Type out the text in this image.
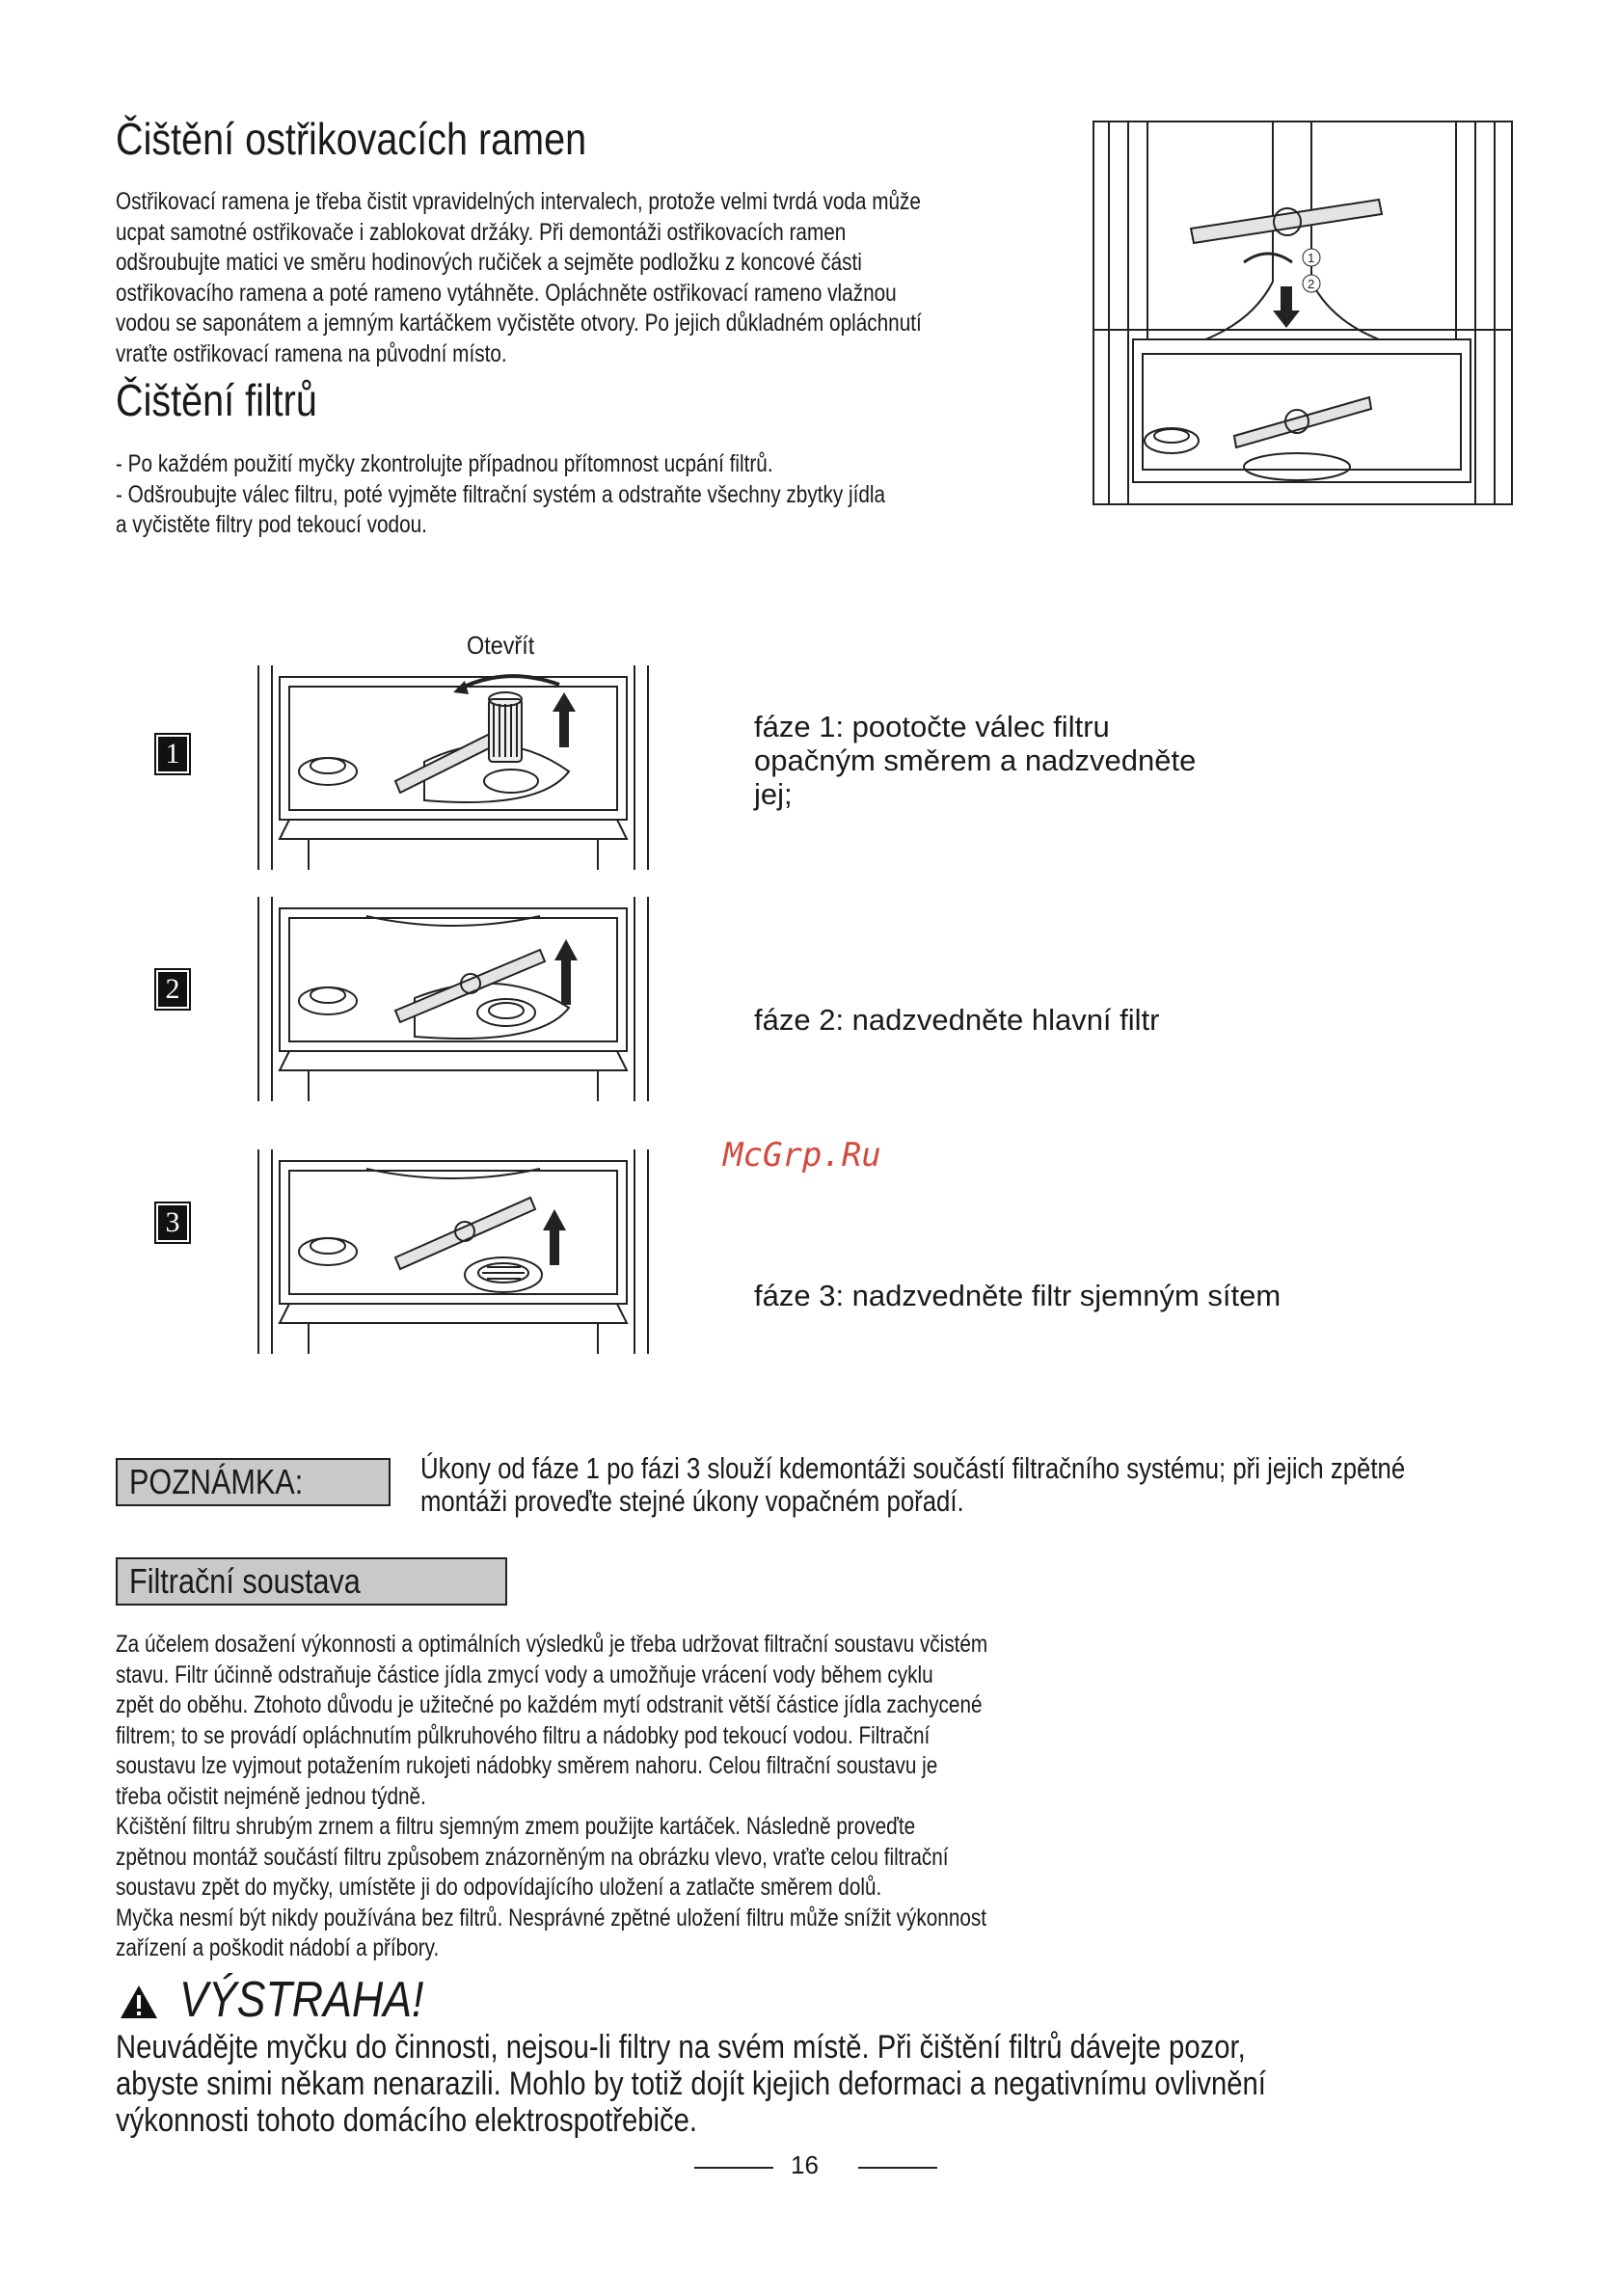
Čištění ostřikovacích ramen
Ostřikovací ramena je třeba čistit vpravidelných intervalech, protože velmi tvrdá voda může
ucpat samotné ostřikovače i zablokovat držáky. Při demontáži ostřikovacích ramen
odšroubujte matici ve směru hodinových ručiček a sejměte podložku z koncové části
ostřikovacího ramena a poté rameno vytáhněte. Opláchněte ostřikovací rameno vlažnou
vodou se saponátem a jemným kartáčkem vyčistěte otvory. Po jejich důkladném opláchnutí
vraťte ostřikovací ramena na původní místo.
Čištění filtrů
- Po každém použití myčky zkontrolujte případnou přítomnost ucpání filtrů.
- Odšroubujte válec filtru, poté vyjměte filtrační systém a odstraňte všechny zbytky jídla
a vyčistěte filtry pod tekoucí vodou.
1
2
Otevřít
1
2
3
fáze 1: pootočte válec filtru
opačným směrem a nadzvedněte
jej;
fáze 2: nadzvedněte hlavní filtr
fáze 3: nadzvedněte filtr sjemným sítem
McGrp.Ru
POZNÁMKA:	Úkony od fáze 1 po fázi 3 slouží kdemontáži součástí filtračního systému; při jejich zpětné
montáži proveďte stejné úkony vopačném pořadí.
Filtrační soustava
Za účelem dosažení výkonnosti a optimálních výsledků je třeba udržovat filtrační soustavu včistém
stavu. Filtr účinně odstraňuje částice jídla zmycí vody a umožňuje vrácení vody během cyklu
zpět do oběhu. Ztohoto důvodu je užitečné po každém mytí odstranit větší částice jídla zachycené
filtrem; to se provádí opláchnutím půlkruhového filtru a nádobky pod tekoucí vodou. Filtrační
soustavu lze vyjmout potažením rukojeti nádobky směrem nahoru. Celou filtrační soustavu je
třeba očistit nejméně jednou týdně.
Kčištění filtru shrubým zrnem a filtru sjemným zmem použijte kartáček. Následně proveďte
zpětnou montáž součástí filtru způsobem znázorněným na obrázku vlevo, vraťte celou filtrační
soustavu zpět do myčky, umístěte ji do odpovídajícího uložení a zatlačte směrem dolů.
Myčka nesmí být nikdy používána bez filtrů. Nesprávné zpětné uložení filtru může snížit výkonnost
zařízení a poškodit nádobí a příbory.
VÝSTRAHA!
Neuvádějte myčku do činnosti, nejsou-li filtry na svém místě. Při čištění filtrů dávejte pozor,
abyste snimi někam nenarazili. Mohlo by totiž dojít kjejich deformaci a negativnímu ovlivnění
výkonnosti tohoto domácího elektrospotřebiče.
16
